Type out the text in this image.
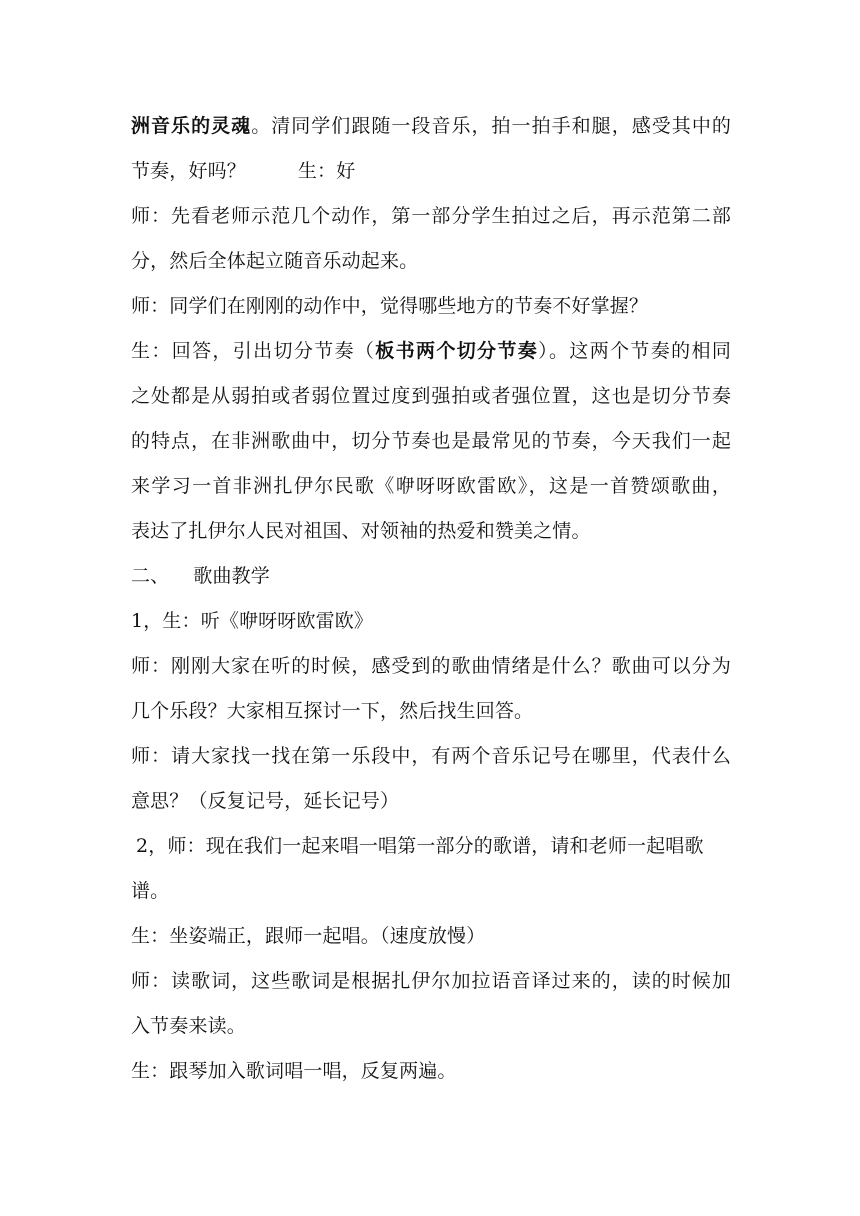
洲音乐的灵魂。清同学们跟随一段音乐，拍一拍手和腿，感受其中的
节奏，好吗？	生：好
师：先看老师示范几个动作，第一部分学生拍过之后，再示范第二部
分，然后全体起立随音乐动起来。
师：同学们在刚刚的动作中，觉得哪些地方的节奏不好掌握？
生：回答，引出切分节奏（板书两个切分节奏）。这两个节奏的相同
之处都是从弱拍或者弱位置过度到强拍或者强位置，这也是切分节奏
的特点，在非洲歌曲中，切分节奏也是最常见的节奏，今天我们一起
来学习一首非洲扎伊尔民歌《咿呀呀欧雷欧》，这是一首赞颂歌曲，
表达了扎伊尔人民对祖国、对领袖的热爱和赞美之情。
二、 歌曲教学
1，生：听《咿呀呀欧雷欧》
师：刚刚大家在听的时候，感受到的歌曲情绪是什么？歌曲可以分为
几个乐段？大家相互探讨一下，然后找生回答。
师：请大家找一找在第一乐段中，有两个音乐记号在哪里，代表什么
意思？（反复记号，延长记号）
2，师：现在我们一起来唱一唱第一部分的歌谱，请和老师一起唱歌
谱。
生：坐姿端正，跟师一起唱。（速度放慢）
师：读歌词，这些歌词是根据扎伊尔加拉语音译过来的，读的时候加
入节奏来读。
生：跟琴加入歌词唱一唱，反复两遍。
